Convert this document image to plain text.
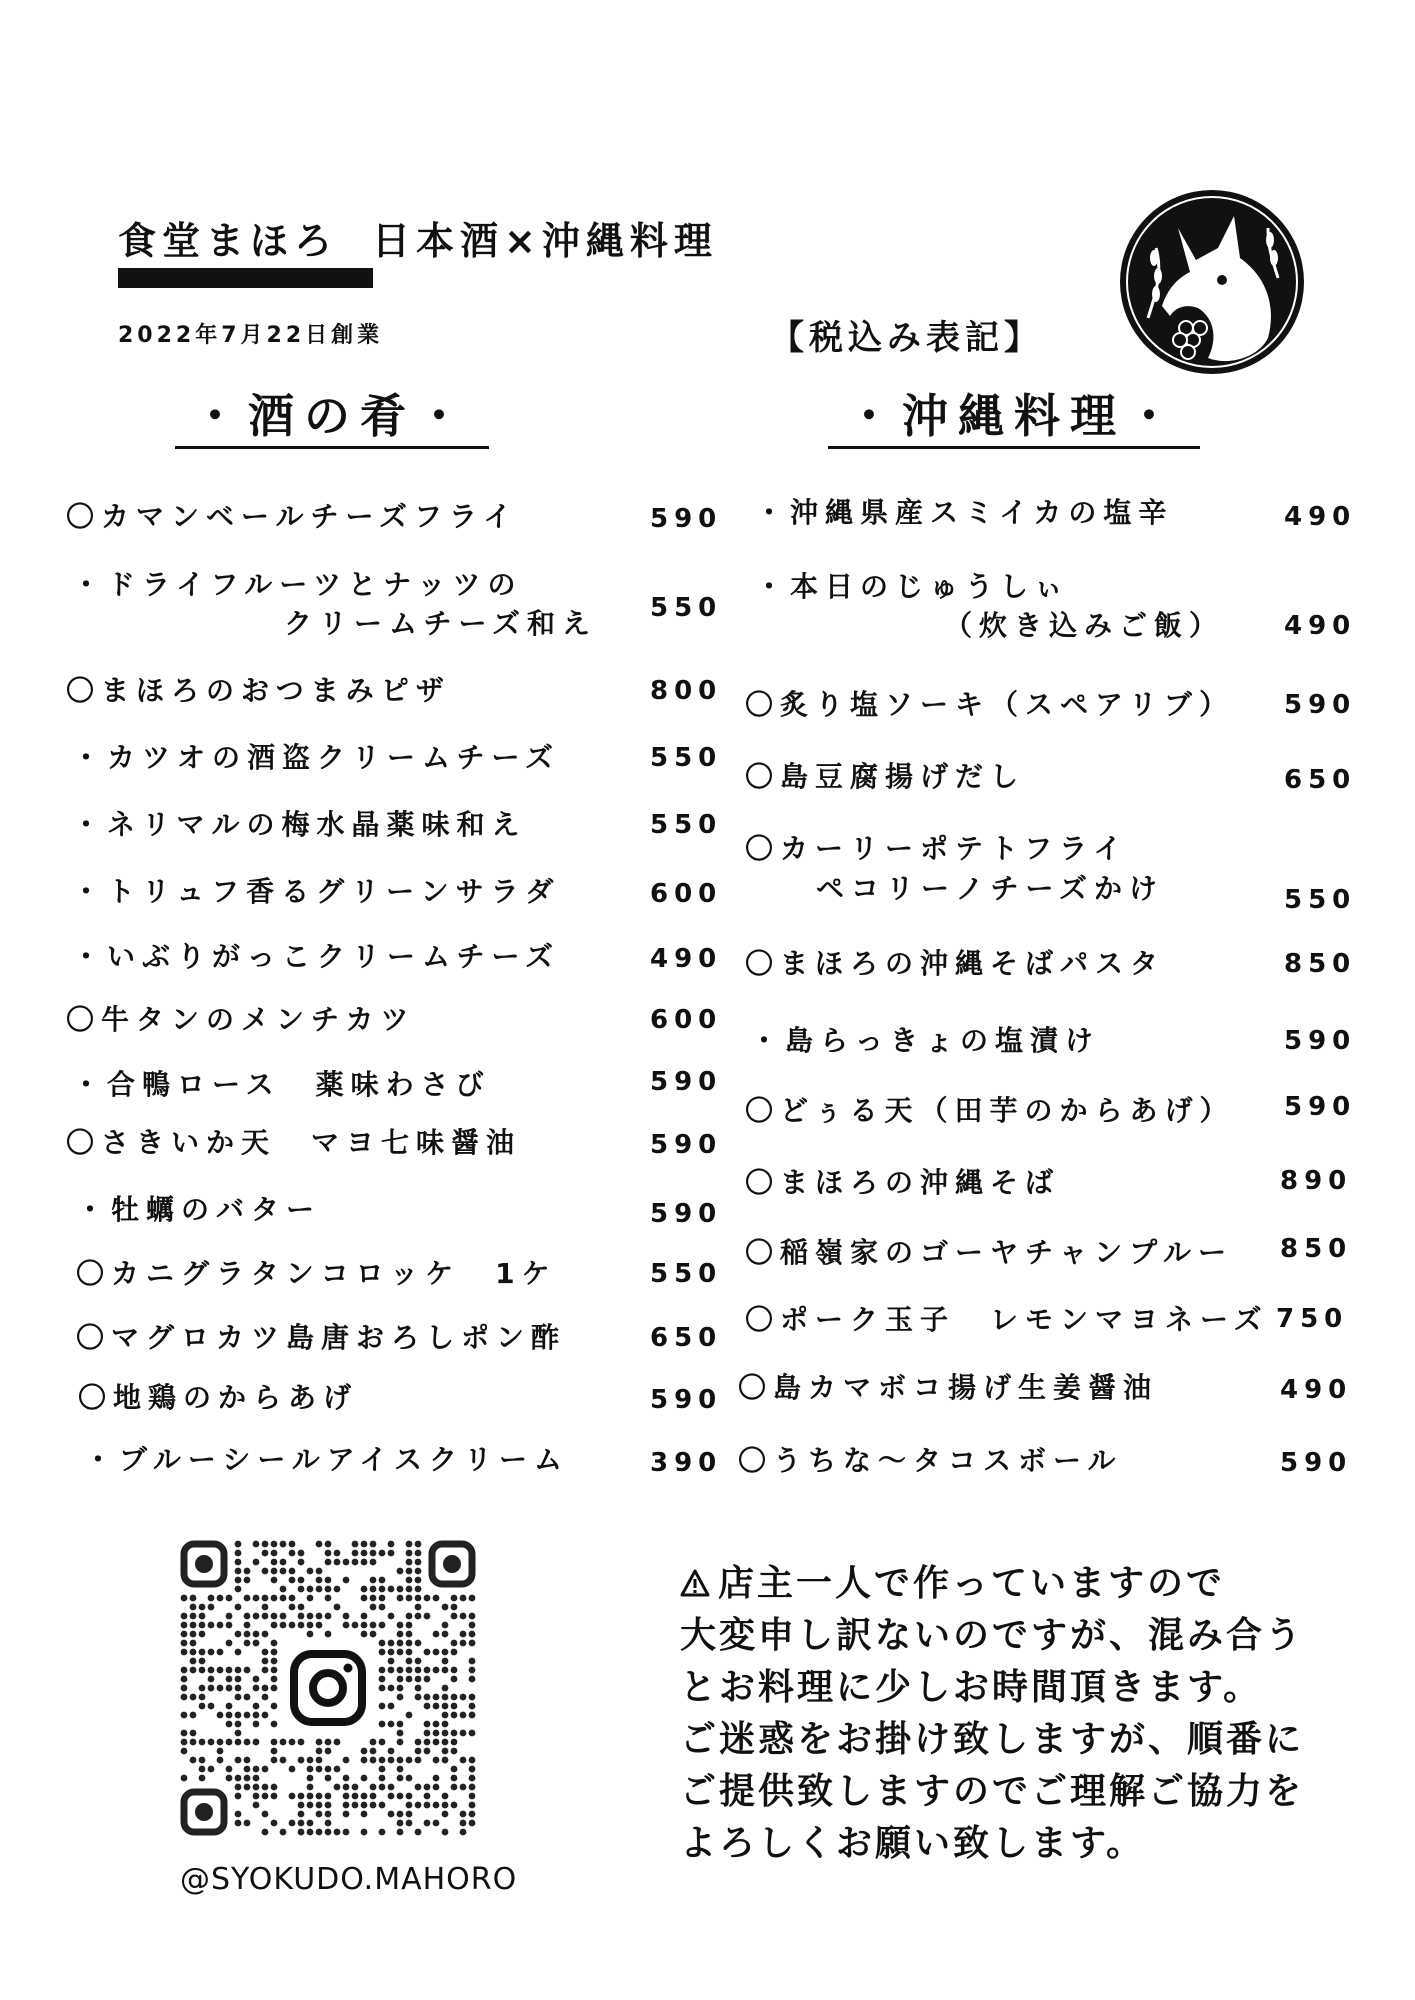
食堂まほろ 日本酒×沖縄料理
2022年7月22日創業	【税込み表記】
・酒の肴・	・沖縄料理・
〇カマンベールチーズフライ	590
・ドライフルーツとナッツの
クリームチーズ和え 550
〇まほろのおつまみピザ	800
・カツオの酒盗クリームチーズ	550
・ネリマルの梅水晶薬味和え	550
・トリュフ香るグリーンサラダ	600
・いぶりがっこクリームチーズ	490
〇牛タンのメンチカツ	600
・合鴨ロース　薬味わさび	590
〇さきいか天　マヨ七味醤油	590
・牡蠣のバター	590
〇カニグラタンコロッケ　1ケ	550
〇マグロカツ島唐おろしポン酢	650
〇地鶏のからあげ	590
・ブルーシールアイスクリーム	390
・沖縄県産スミイカの塩辛	490
・本日のじゅうしぃ
（炊き込みご飯） 490
〇炙り塩ソーキ（スペアリブ） 590
〇島豆腐揚げだし	650
〇カーリーポテトフライ
ペコリーノチーズかけ	550
〇まほろの沖縄そばパスタ	850
・島らっきょの塩漬け	590
〇どぅる天（田芋のからあげ） 590
〇まほろの沖縄そば	890
〇稲嶺家のゴーヤチャンプルー 850
〇ポーク玉子　レモンマヨネーズ 750
〇島カマボコ揚げ生姜醤油	490
〇うちな～タコスボール	590
@SYOKUDO.MAHORO
店主一人で作っていますので
大変申し訳ないのですが、混み合う
とお料理に少しお時間頂きます。
ご迷惑をお掛け致しますが、順番に
ご提供致しますのでご理解ご協力を
よろしくお願い致します。
